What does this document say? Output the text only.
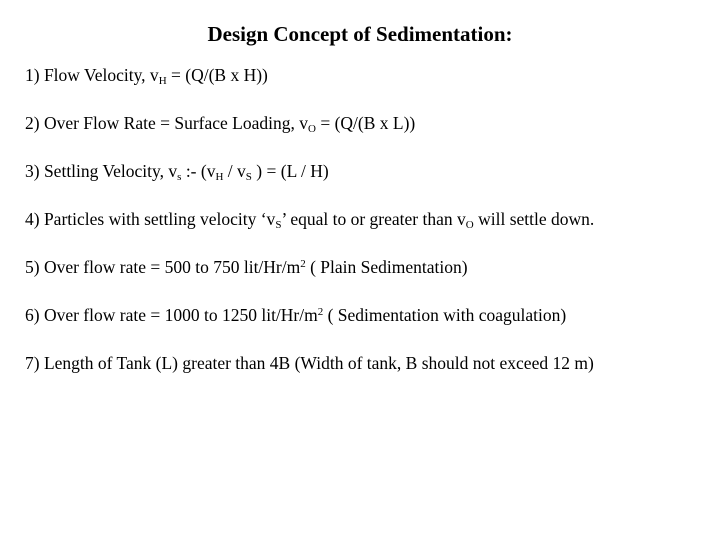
Design Concept of Sedimentation:
1) Flow Velocity, $v_H = (Q/(B$ x H))
2) Over Flow Rate = Surface Loading, $v_O = (Q/(B$ x L))
3) Settling Velocity, $v_s$ :- ($v_H / v_S$ ) = (L / H)
4) Particles with settling velocity ‘$v_S$’ equal to or greater than $v_O$ will settle down.
5) Over flow rate = 500 to 750 lit/$Hr/m^2$ ( Plain Sedimentation)
6) Over flow rate = 1000 to 1250 lit/$Hr/m^2$ ( Sedimentation with coagulation)
7) Length of Tank (L) greater than 4B (Width of tank, B should not exceed 12 m)
